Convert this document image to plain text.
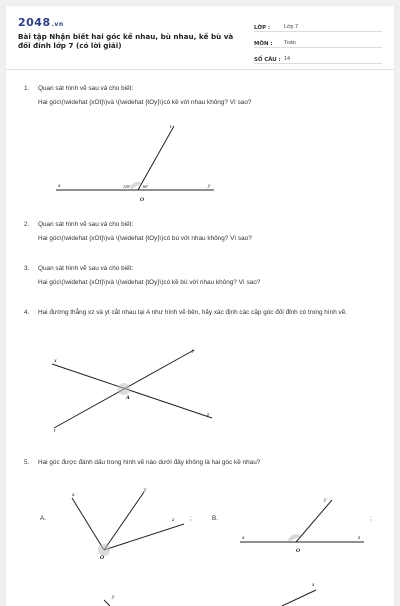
2048.vn
Bài tập Nhận biết hai góc kề nhau, bù nhau, kề bù và đối đỉnh lớp 7 (có lời giải)
LỚP :	Lớp 7
MÔN :	Toán
SỐ CÂU : 14
1. Quan sát hình vẽ sau và cho biết:
Hai góc\(\widehat {xOt}\)và \(\widehat {tOy}\)có kề với nhau không? Vì sao?
x	y
t
O
120°	60°
2. Quan sát hình vẽ sau và cho biết:
Hai góc\(\widehat {xOt}\)và \(\widehat {tOy}\)có bù với nhau không? Vì sao?
3. Quan sát hình vẽ sau và cho biết:
Hai góc\(\widehat {xOt}\)và \(\widehat {tOy}\)có kề bù với nhau không? Vì sao?
4. Hai đường thẳng xz và yt cắt nhau tại A như hình vẽ bên, hãy xác định các cặp góc đối đỉnh có trong hình vẽ.
x
y
z
t
A
5. Hai góc được đánh dấu trong hình vẽ nào dưới đây không là hai góc kề nhau?
A.
x
y
z
O
;	B.
x
y
z
O
;
y
x
